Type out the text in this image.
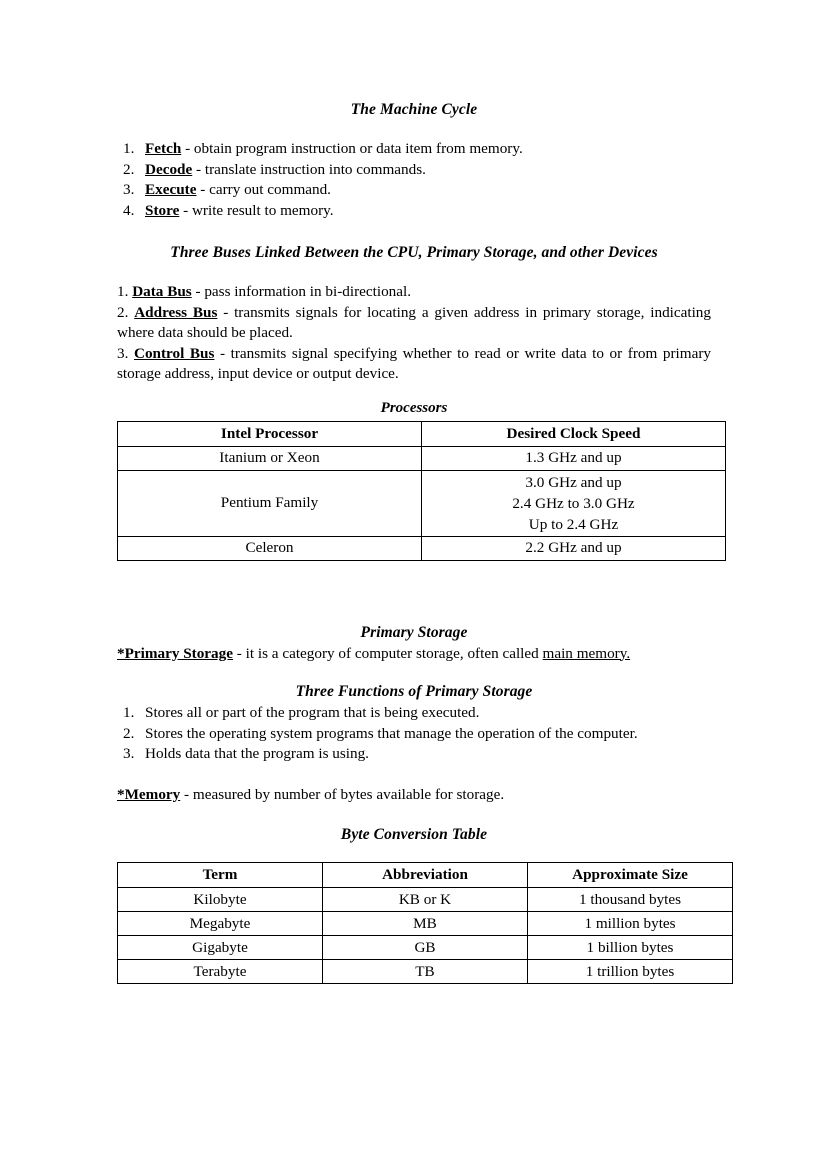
The Machine Cycle
1. Fetch - obtain program instruction or data item from memory.
2. Decode - translate instruction into commands.
3. Execute - carry out command.
4. Store - write result to memory.
Three Buses Linked Between the CPU, Primary Storage, and other Devices
1. Data Bus - pass information in bi-directional.
2. Address Bus - transmits signals for locating a given address in primary storage, indicating where data should be placed.
3. Control Bus - transmits signal specifying whether to read or write data to or from primary storage address, input device or output device.
Processors
Intel Processor	Desired Clock Speed
Itanium or Xeon	1.3 GHz and up
Pentium Family	3.0 GHz and up
2.4 GHz to 3.0 GHz
Up to 2.4 GHz

Celeron	2.2 GHz and up
Primary Storage

*Primary Storage - it is a category of computer storage, often called main memory.

Three Functions of Primary Storage
1. Stores all or part of the program that is being executed.
2. Stores the operating system programs that manage the operation of the computer.
3. Holds data that the program is using.

*Memory - measured by number of bytes available for storage.

Byte Conversion Table
Term	Abbreviation	Approximate Size
Kilobyte	KB or K	1 thousand bytes
Megabyte	MB	1 million bytes
Gigabyte	GB	1 billion bytes
Terabyte	TB	1 trillion bytes
